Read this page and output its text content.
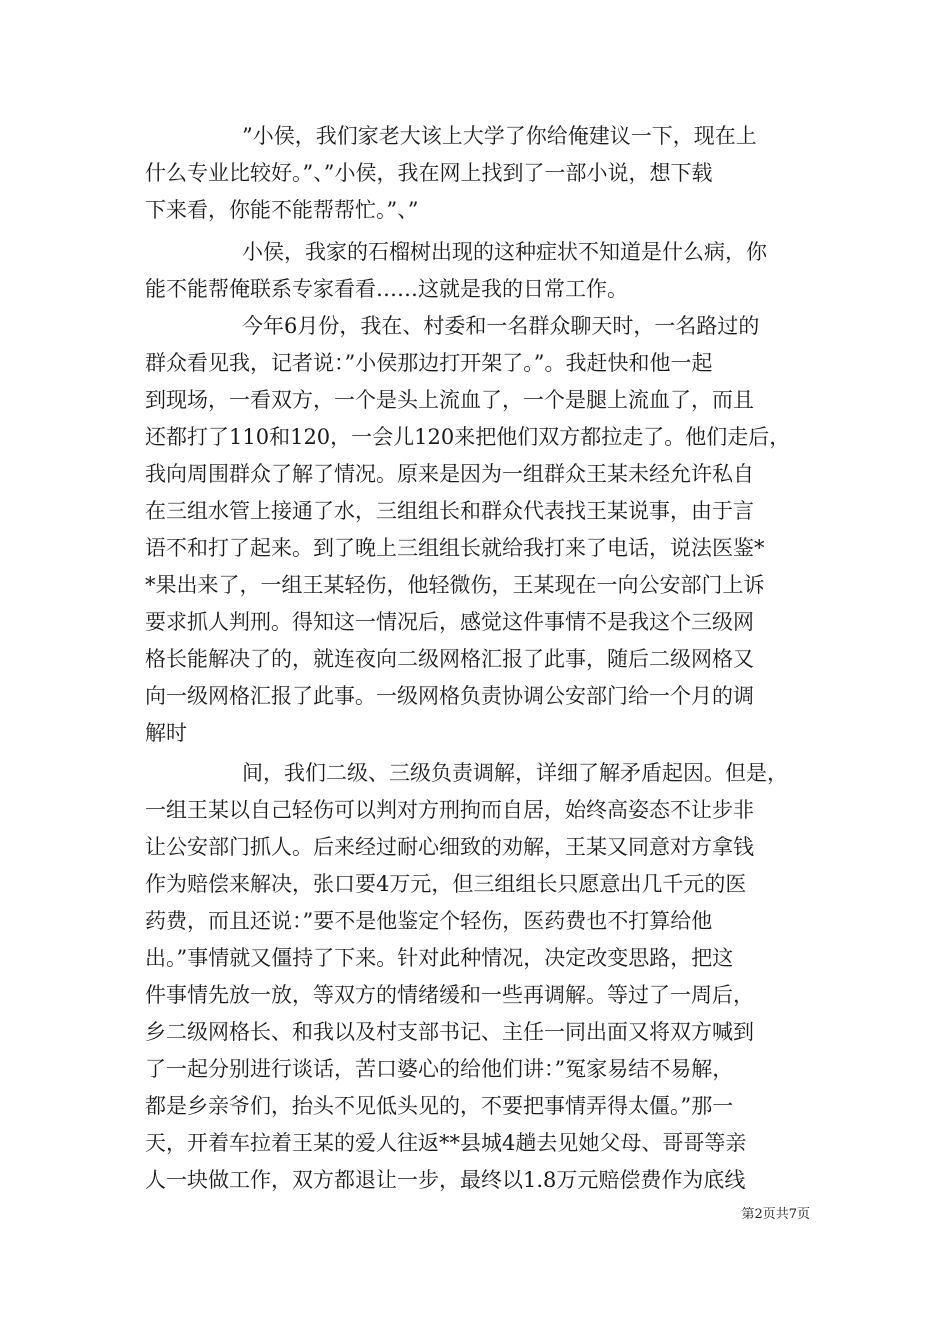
”小侯，我们家老大该上大学了你给俺建议一下，现在上
什么专业比较好。”、”小侯，我在网上找到了一部小说，想下载
下来看，你能不能帮帮忙。”、”
小侯，我家的石榴树出现的这种症状不知道是什么病，你
能不能帮俺联系专家看看……这就是我的日常工作。
今年6月份，我在、村委和一名群众聊天时，一名路过的
群众看见我，记者说：”小侯那边打开架了。”。我赶快和他一起
到现场，一看双方，一个是头上流血了，一个是腿上流血了，而且
还都打了110和120，一会儿120来把他们双方都拉走了。他们走后，
我向周围群众了解了情况。原来是因为一组群众王某未经允许私自
在三组水管上接通了水，三组组长和群众代表找王某说事，由于言
语不和打了起来。到了晚上三组组长就给我打来了电话，说法医鉴*
*果出来了，一组王某轻伤，他轻微伤，王某现在一向公安部门上诉
要求抓人判刑。得知这一情况后，感觉这件事情不是我这个三级网
格长能解决了的，就连夜向二级网格汇报了此事，随后二级网格又
向一级网格汇报了此事。一级网格负责协调公安部门给一个月的调
解时
间，我们二级、三级负责调解，详细了解矛盾起因。但是，
一组王某以自己轻伤可以判对方刑拘而自居，始终高姿态不让步非
让公安部门抓人。后来经过耐心细致的劝解，王某又同意对方拿钱
作为赔偿来解决，张口要4万元，但三组组长只愿意出几千元的医
药费，而且还说：”要不是他鉴定个轻伤，医药费也不打算给他
出。”事情就又僵持了下来。针对此种情况，决定改变思路，把这
件事情先放一放，等双方的情绪缓和一些再调解。等过了一周后，
乡二级网格长、和我以及村支部书记、主任一同出面又将双方喊到
了一起分别进行谈话，苦口婆心的给他们讲：”冤家易结不易解，
都是乡亲爷们，抬头不见低头见的，不要把事情弄得太僵。”那一
天，开着车拉着王某的爱人往返**县城4趟去见她父母、哥哥等亲
人一块做工作，双方都退让一步，最终以1.8万元赔偿费作为底线
第2页共7页
